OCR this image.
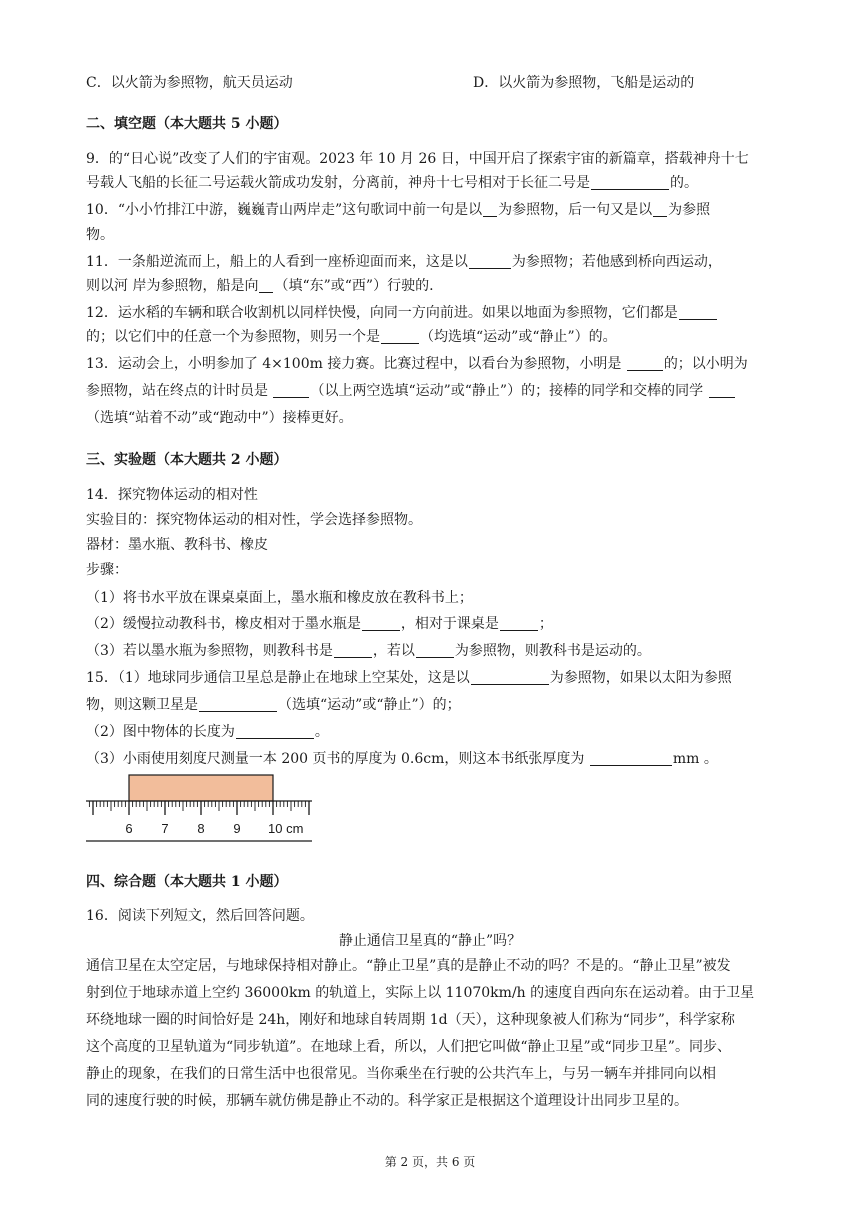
C．以火箭为参照物，航天员运动	D．以火箭为参照物，飞船是运动的
二、填空题（本大题共 5 小题）
9．的“日心说”改变了人们的宇宙观。2023 年 10 月 26 日，中国开启了探索宇宙的新篇章，搭载神舟十七
号载人飞船的长征二号运载火箭成功发射，分离前，神舟十七号相对于长征二号是	的。
10．“小小竹排江中游，巍巍青山两岸走”这句歌词中前一句是以 为参照物，后一句又是以 为参照
物。
11．一条船逆流而上，船上的人看到一座桥迎面而来，这是以	为参照物；若他感到桥向西运动，
则以河 岸为参照物，船是向 （填“东”或“西”）行驶的.
12．运水稻的车辆和联合收割机以同样快慢，向同一方向前进。如果以地面为参照物，它们都是
的；以它们中的任意一个为参照物，则另一个是	（均选填“运动”或“静止”）的。
13．运动会上，小明参加了 4×100m 接力赛。比赛过程中，以看台为参照物，小明是	的；以小明为
参照物，站在终点的计时员是	（以上两空选填“运动”或“静止”）的；接棒的同学和交棒的同学
（选填“站着不动”或“跑动中”）接棒更好。
三、实验题（本大题共 2 小题）
14．探究物体运动的相对性
实验目的：探究物体运动的相对性，学会选择参照物。
器材：墨水瓶、教科书、橡皮
步骤：
（1）将书水平放在课桌桌面上，墨水瓶和橡皮放在教科书上；
（2）缓慢拉动教科书，橡皮相对于墨水瓶是	，相对于课桌是	；
（3）若以墨水瓶为参照物，则教科书是	，若以	为参照物，则教科书是运动的。
15．（1）地球同步通信卫星总是静止在地球上空某处，这是以	为参照物，如果以太阳为参照
物，则这颗卫星是	（选填“运动”或“静止”）的；
（2）图中物体的长度为	。
（3）小雨使用刻度尺测量一本 200 页书的厚度为 0.6cm，则这本书纸张厚度为	mm 。
6 7 8 9 10 cm
四、综合题（本大题共 1 小题）
16．阅读下列短文，然后回答问题。
静止通信卫星真的“静止”吗？
通信卫星在太空定居，与地球保持相对静止。“静止卫星”真的是静止不动的吗？不是的。“静止卫星”被发
射到位于地球赤道上空约 36000km 的轨道上，实际上以 11070km/h 的速度自西向东在运动着。由于卫星
环绕地球一圈的时间恰好是 24h，刚好和地球自转周期 1d（天），这种现象被人们称为“同步”，科学家称
这个高度的卫星轨道为“同步轨道”。在地球上看，所以，人们把它叫做“静止卫星”或“同步卫星”。同步、
静止的现象，在我们的日常生活中也很常见。当你乘坐在行驶的公共汽车上，与另一辆车并排同向以相
同的速度行驶的时候，那辆车就仿佛是静止不动的。科学家正是根据这个道理设计出同步卫星的。
第 2 页，共 6 页
